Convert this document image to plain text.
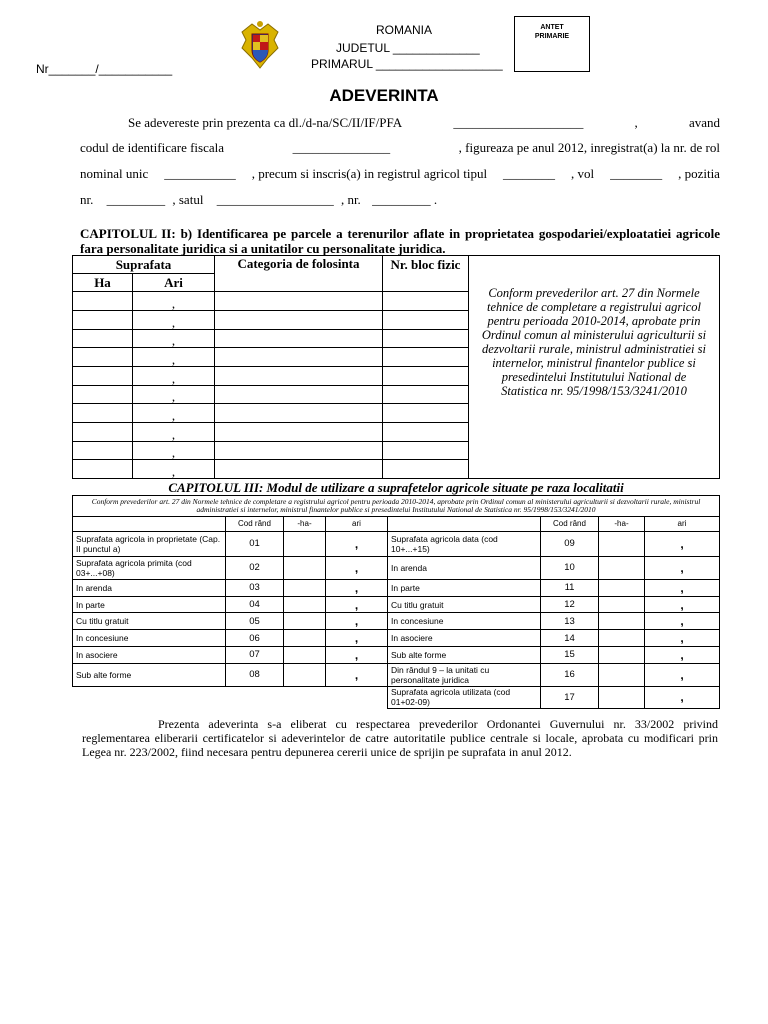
ROMANIA
JUDETUL _____________
PRIMARUL ___________________
Nr_______/___________
ANTET
PRIMARIE
ADEVERINTA
Se adevereste prin prezenta ca dl./d-na/SC/II/IF/PFA	____________________	,	avand
codul de identificare fiscala	_______________	, figureaza pe anul 2012, inregistrat(a) la nr. de rol
nominal unic ___________ , precum si inscris(a) in registrul agricol tipul ________ , vol ________ , pozitia
nr. _________ , satul __________________ , nr. _________ .
CAPITOLUL II: b) Identificarea pe parcele a terenurilor aflate in proprietatea gospodariei/exploatatiei agricole fara personalitate juridica si a unitatilor cu personalitate juridica.
Suprafata		Categoria de folosinta	Nr. bloc fizic	Conform prevederilor art. 27 din Normele tehnice de completare a registrului agricol pentru perioada 2010-2014, aprobate prin Ordinul comun al ministerului agriculturii si dezvoltarii rurale, ministrul administratiei si internelor, ministrul finantelor publice si presedintelui Institutului National de Statistica nr. 95/1998/153/3241/2010
Ha	Ari			
	,			
	,			
	,			
	,			
	,			
	,			
	,			
	,			
	,			
	,			
CAPITOLUL III: Modul de utilizare a suprafetelor agricole situate pe raza localitatii
Conform prevederilor art. 27 din Normele tehnice de completare a registrului agricol pentru perioada 2010-2014, aprobate prin Ordinul comun al ministerului agriculturii si dezvoltarii rurale, ministrul administratiei si internelor, ministrul finantelor publice si presedintelui Institutului National de Statistica nr. 95/1998/153/3241/2010							
	Cod rând	-ha-	ari		Cod rând	-ha-	ari
Suprafata agricola in proprietate (Cap. II punctul a)	01		,	Suprafata agricola data (cod 10+...+15)	09		,
Suprafata agricola primita (cod 03+...+08)	02		,	In arenda	10		,
In arenda	03		,	In parte	11		,
In parte	04		,	Cu titlu gratuit	12		,
Cu titlu gratuit	05		,	In concesiune	13		,
In concesiune	06		,	In asociere	14		,
In asociere	07		,	Sub alte forme	15		,
Sub alte forme	08		,	Din rândul 9 – la unitati cu personalitate juridica	16		,
				Suprafata agricola utilizata (cod 01+02-09)	17		,
Prezenta adeverinta s-a eliberat cu respectarea prevederilor Ordonantei Guvernului nr. 33/2002 privind reglementarea eliberarii certificatelor si adeverintelor de catre autoritatile publice centrale si locale, aprobata cu modificari prin Legea nr. 223/2002, fiind necesara pentru depunerea cererii unice de sprijin pe suprafata in anul 2012.
